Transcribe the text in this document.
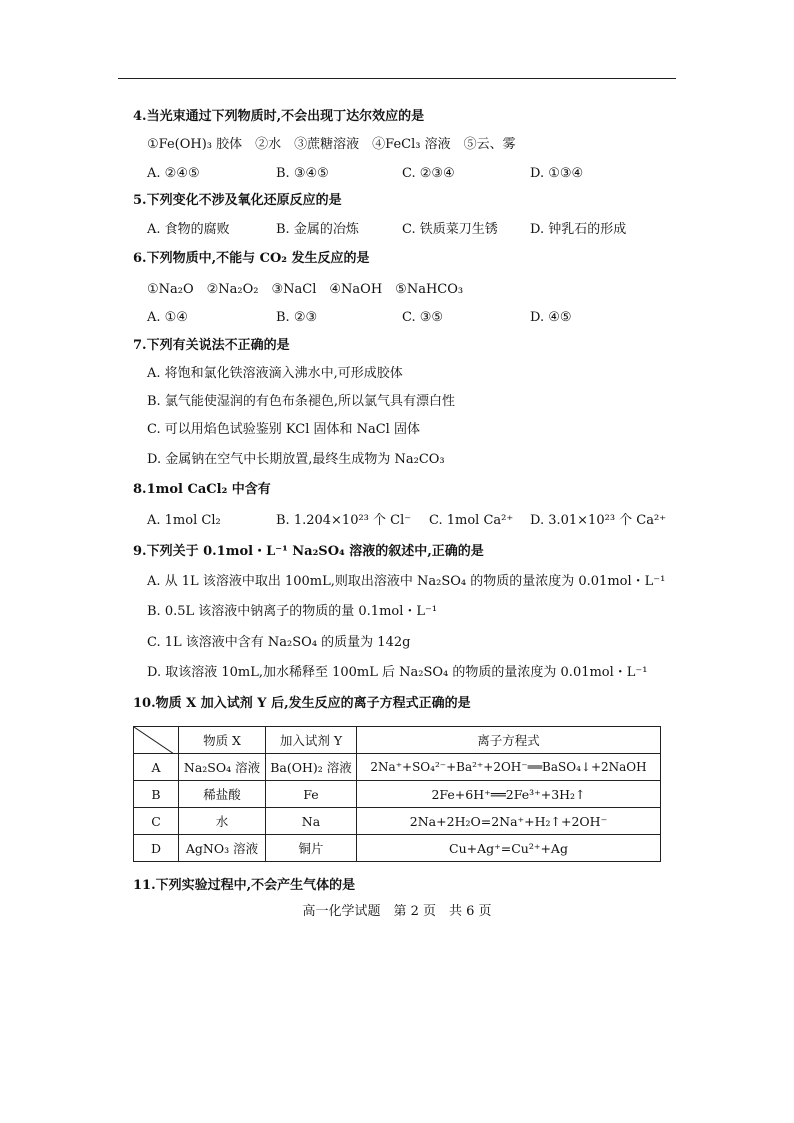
4.当光束通过下列物质时,不会出现丁达尔效应的是
①Fe(OH)₃ 胶体　②水　③蔗糖溶液　④FeCl₃ 溶液　⑤云、雾
A. ②④⑤	B. ③④⑤	C. ②③④	D. ①③④
5.下列变化不涉及氧化还原反应的是
A. 食物的腐败	B. 金属的冶炼	C. 铁质菜刀生锈 D. 钟乳石的形成
6.下列物质中,不能与 CO₂ 发生反应的是
①Na₂O　②Na₂O₂　③NaCl　④NaOH　⑤NaHCO₃
A. ①④	B. ②③	C. ③⑤	D. ④⑤
7.下列有关说法不正确的是
A. 将饱和氯化铁溶液滴入沸水中,可形成胶体
B. 氯气能使湿润的有色布条褪色,所以氯气具有漂白性
C. 可以用焰色试验鉴别 KCl 固体和 NaCl 固体
D. 金属钠在空气中长期放置,最终生成物为 Na₂CO₃
8.1mol CaCl₂ 中含有
A. 1mol Cl₂	B. 1.204×10²³ 个 Cl⁻ C. 1mol Ca²⁺ D. 3.01×10²³ 个 Ca²⁺
9.下列关于 0.1mol・L⁻¹ Na₂SO₄ 溶液的叙述中,正确的是
A. 从 1L 该溶液中取出 100mL,则取出溶液中 Na₂SO₄ 的物质的量浓度为 0.01mol・L⁻¹
B. 0.5L 该溶液中钠离子的物质的量 0.1mol・L⁻¹
C. 1L 该溶液中含有 Na₂SO₄ 的质量为 142g
D. 取该溶液 10mL,加水稀释至 100mL 后 Na₂SO₄ 的物质的量浓度为 0.01mol・L⁻¹
10.物质 X 加入试剂 Y 后,发生反应的离子方程式正确的是
	物质 X	加入试剂 Y	离子方程式
A	Na₂SO₄ 溶液	Ba(OH)₂ 溶液	2Na⁺+SO₄²⁻+Ba²⁺+2OH⁻══BaSO₄↓+2NaOH
B	稀盐酸	Fe	2Fe+6H⁺══2Fe³⁺+3H₂↑
C	水	Na	2Na+2H₂O=2Na⁺+H₂↑+2OH⁻
D	AgNO₃ 溶液	铜片	Cu+Ag⁺=Cu²⁺+Ag
11.下列实验过程中,不会产生气体的是
高一化学试题　第 2 页　共 6 页
